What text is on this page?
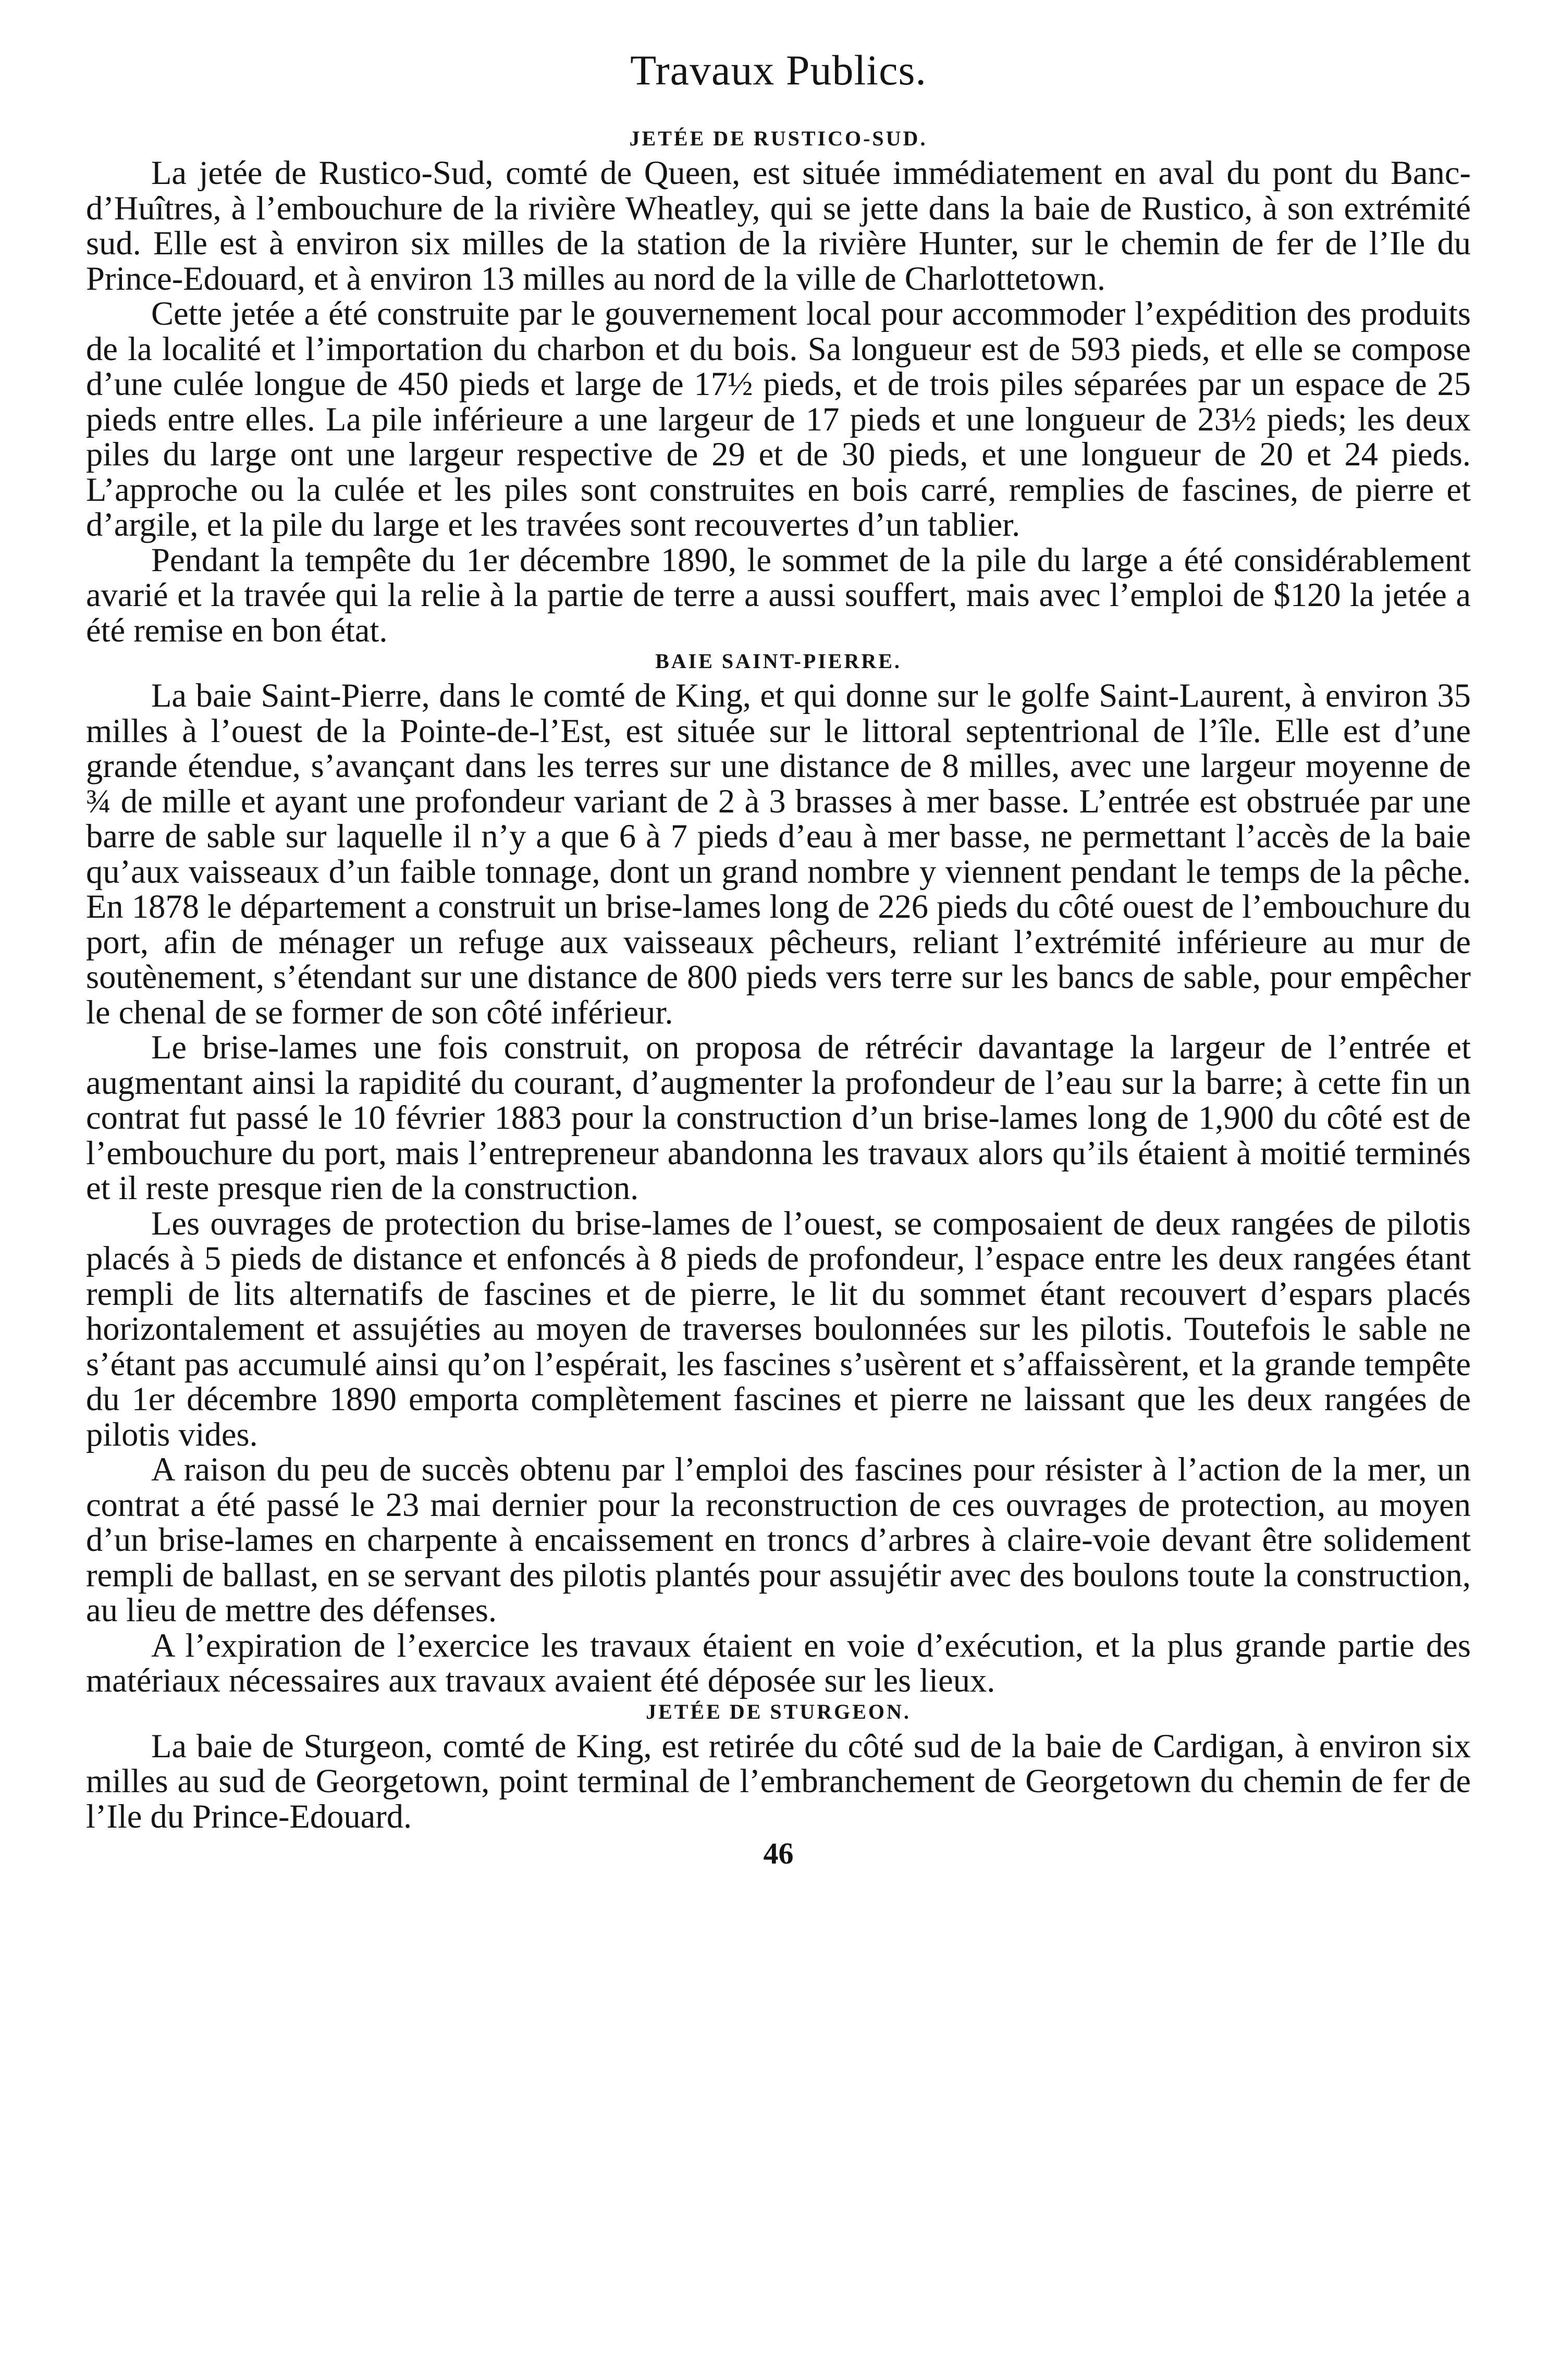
Travaux Publics.
JETÉE DE RUSTICO-SUD.

La jetée de Rustico-Sud, comté de Queen, est située immédiatement en aval du pont du Banc-d’Huîtres, à l’embouchure de la rivière Wheatley, qui se jette dans la baie de Rustico, à son extrémité sud. Elle est à environ six milles de la station de la rivière Hunter, sur le chemin de fer de l’Ile du Prince-Edouard, et à environ 13 milles au nord de la ville de Charlottetown.

Cette jetée a été construite par le gouvernement local pour accommoder l’expédition des produits de la localité et l’importation du charbon et du bois. Sa longueur est de 593 pieds, et elle se compose d’une culée longue de 450 pieds et large de 17½ pieds, et de trois piles séparées par un espace de 25 pieds entre elles. La pile inférieure a une largeur de 17 pieds et une longueur de 23½ pieds; les deux piles du large ont une largeur respective de 29 et de 30 pieds, et une longueur de 20 et 24 pieds. L’approche ou la culée et les piles sont construites en bois carré, remplies de fascines, de pierre et d’argile, et la pile du large et les travées sont recouvertes d’un tablier.

Pendant la tempête du 1er décembre 1890, le sommet de la pile du large a été considérablement avarié et la travée qui la relie à la partie de terre a aussi souffert, mais avec l’emploi de $120 la jetée a été remise en bon état.

BAIE SAINT-PIERRE.

La baie Saint-Pierre, dans le comté de King, et qui donne sur le golfe Saint-Laurent, à environ 35 milles à l’ouest de la Pointe-de-l’Est, est située sur le littoral septentrional de l’île. Elle est d’une grande étendue, s’avançant dans les terres sur une distance de 8 milles, avec une largeur moyenne de ¾ de mille et ayant une profondeur variant de 2 à 3 brasses à mer basse. L’entrée est obstruée par une barre de sable sur laquelle il n’y a que 6 à 7 pieds d’eau à mer basse, ne permettant l’accès de la baie qu’aux vaisseaux d’un faible tonnage, dont un grand nombre y viennent pendant le temps de la pêche. En 1878 le département a construit un brise-lames long de 226 pieds du côté ouest de l’embouchure du port, afin de ménager un refuge aux vaisseaux pêcheurs, reliant l’extrémité inférieure au mur de soutènement, s’étendant sur une distance de 800 pieds vers terre sur les bancs de sable, pour empêcher le chenal de se former de son côté inférieur.

Le brise-lames une fois construit, on proposa de rétrécir davantage la largeur de l’entrée et augmentant ainsi la rapidité du courant, d’augmenter la profondeur de l’eau sur la barre; à cette fin un contrat fut passé le 10 février 1883 pour la construction d’un brise-lames long de 1,900 du côté est de l’embouchure du port, mais l’entrepreneur abandonna les travaux alors qu’ils étaient à moitié terminés et il reste presque rien de la construction.

Les ouvrages de protection du brise-lames de l’ouest, se composaient de deux rangées de pilotis placés à 5 pieds de distance et enfoncés à 8 pieds de profondeur, l’espace entre les deux rangées étant rempli de lits alternatifs de fascines et de pierre, le lit du sommet étant recouvert d’espars placés horizontalement et assujéties au moyen de traverses boulonnées sur les pilotis. Toutefois le sable ne s’étant pas accumulé ainsi qu’on l’espérait, les fascines s’usèrent et s’affaissèrent, et la grande tempête du 1er décembre 1890 emporta complètement fascines et pierre ne laissant que les deux rangées de pilotis vides.

A raison du peu de succès obtenu par l’emploi des fascines pour résister à l’action de la mer, un contrat a été passé le 23 mai dernier pour la reconstruction de ces ouvrages de protection, au moyen d’un brise-lames en charpente à encaissement en troncs d’arbres à claire-voie devant être solidement rempli de ballast, en se servant des pilotis plantés pour assujétir avec des boulons toute la construction, au lieu de mettre des défenses.

A l’expiration de l’exercice les travaux étaient en voie d’exécution, et la plus grande partie des matériaux nécessaires aux travaux avaient été déposée sur les lieux.

JETÉE DE STURGEON.

La baie de Sturgeon, comté de King, est retirée du côté sud de la baie de Cardigan, à environ six milles au sud de Georgetown, point terminal de l’embranchement de Georgetown du chemin de fer de l’Ile du Prince-Edouard.

46
